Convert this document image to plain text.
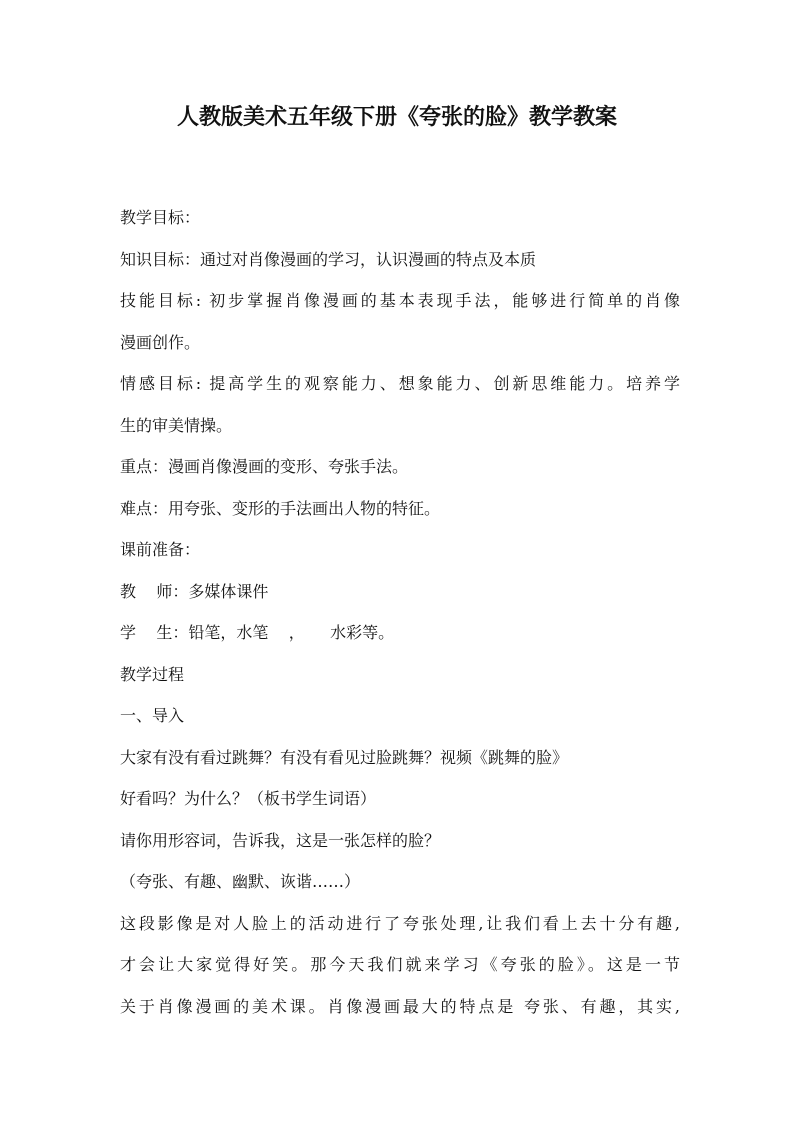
人教版美术五年级下册《夸张的脸》教学教案
教学目标：
知识目标：通过对肖像漫画的学习，认识漫画的特点及本质
技能目标: 初步掌握肖像漫画的基本表现手法，能够进行简单的肖像
漫画创作。
情感目标: 提高学生的观察能力、想象能力、创新思维能力。培养学
生的审美情操。
重点：漫画肖像漫画的变形、夸张手法。
难点：用夸张、变形的手法画出人物的特征。
课前准备：
教    师：多媒体课件
学    生：铅笔，水笔    ，     水彩等。
教学过程
一、导入
大家有没有看过跳舞？有没有看见过脸跳舞？视频《跳舞的脸》
好看吗？为什么？（板书学生词语）
请你用形容词，告诉我，这是一张怎样的脸？
（夸张、有趣、幽默、诙谐……）
这段影像是对人脸上的活动进行了夸张处理,让我们看上去十分有趣,
才会让大家觉得好笑。那今天我们就来学习《夸张的脸》。这是一节
关于肖像漫画的美术课。肖像漫画最大的特点是 夸张、有趣，其实,
